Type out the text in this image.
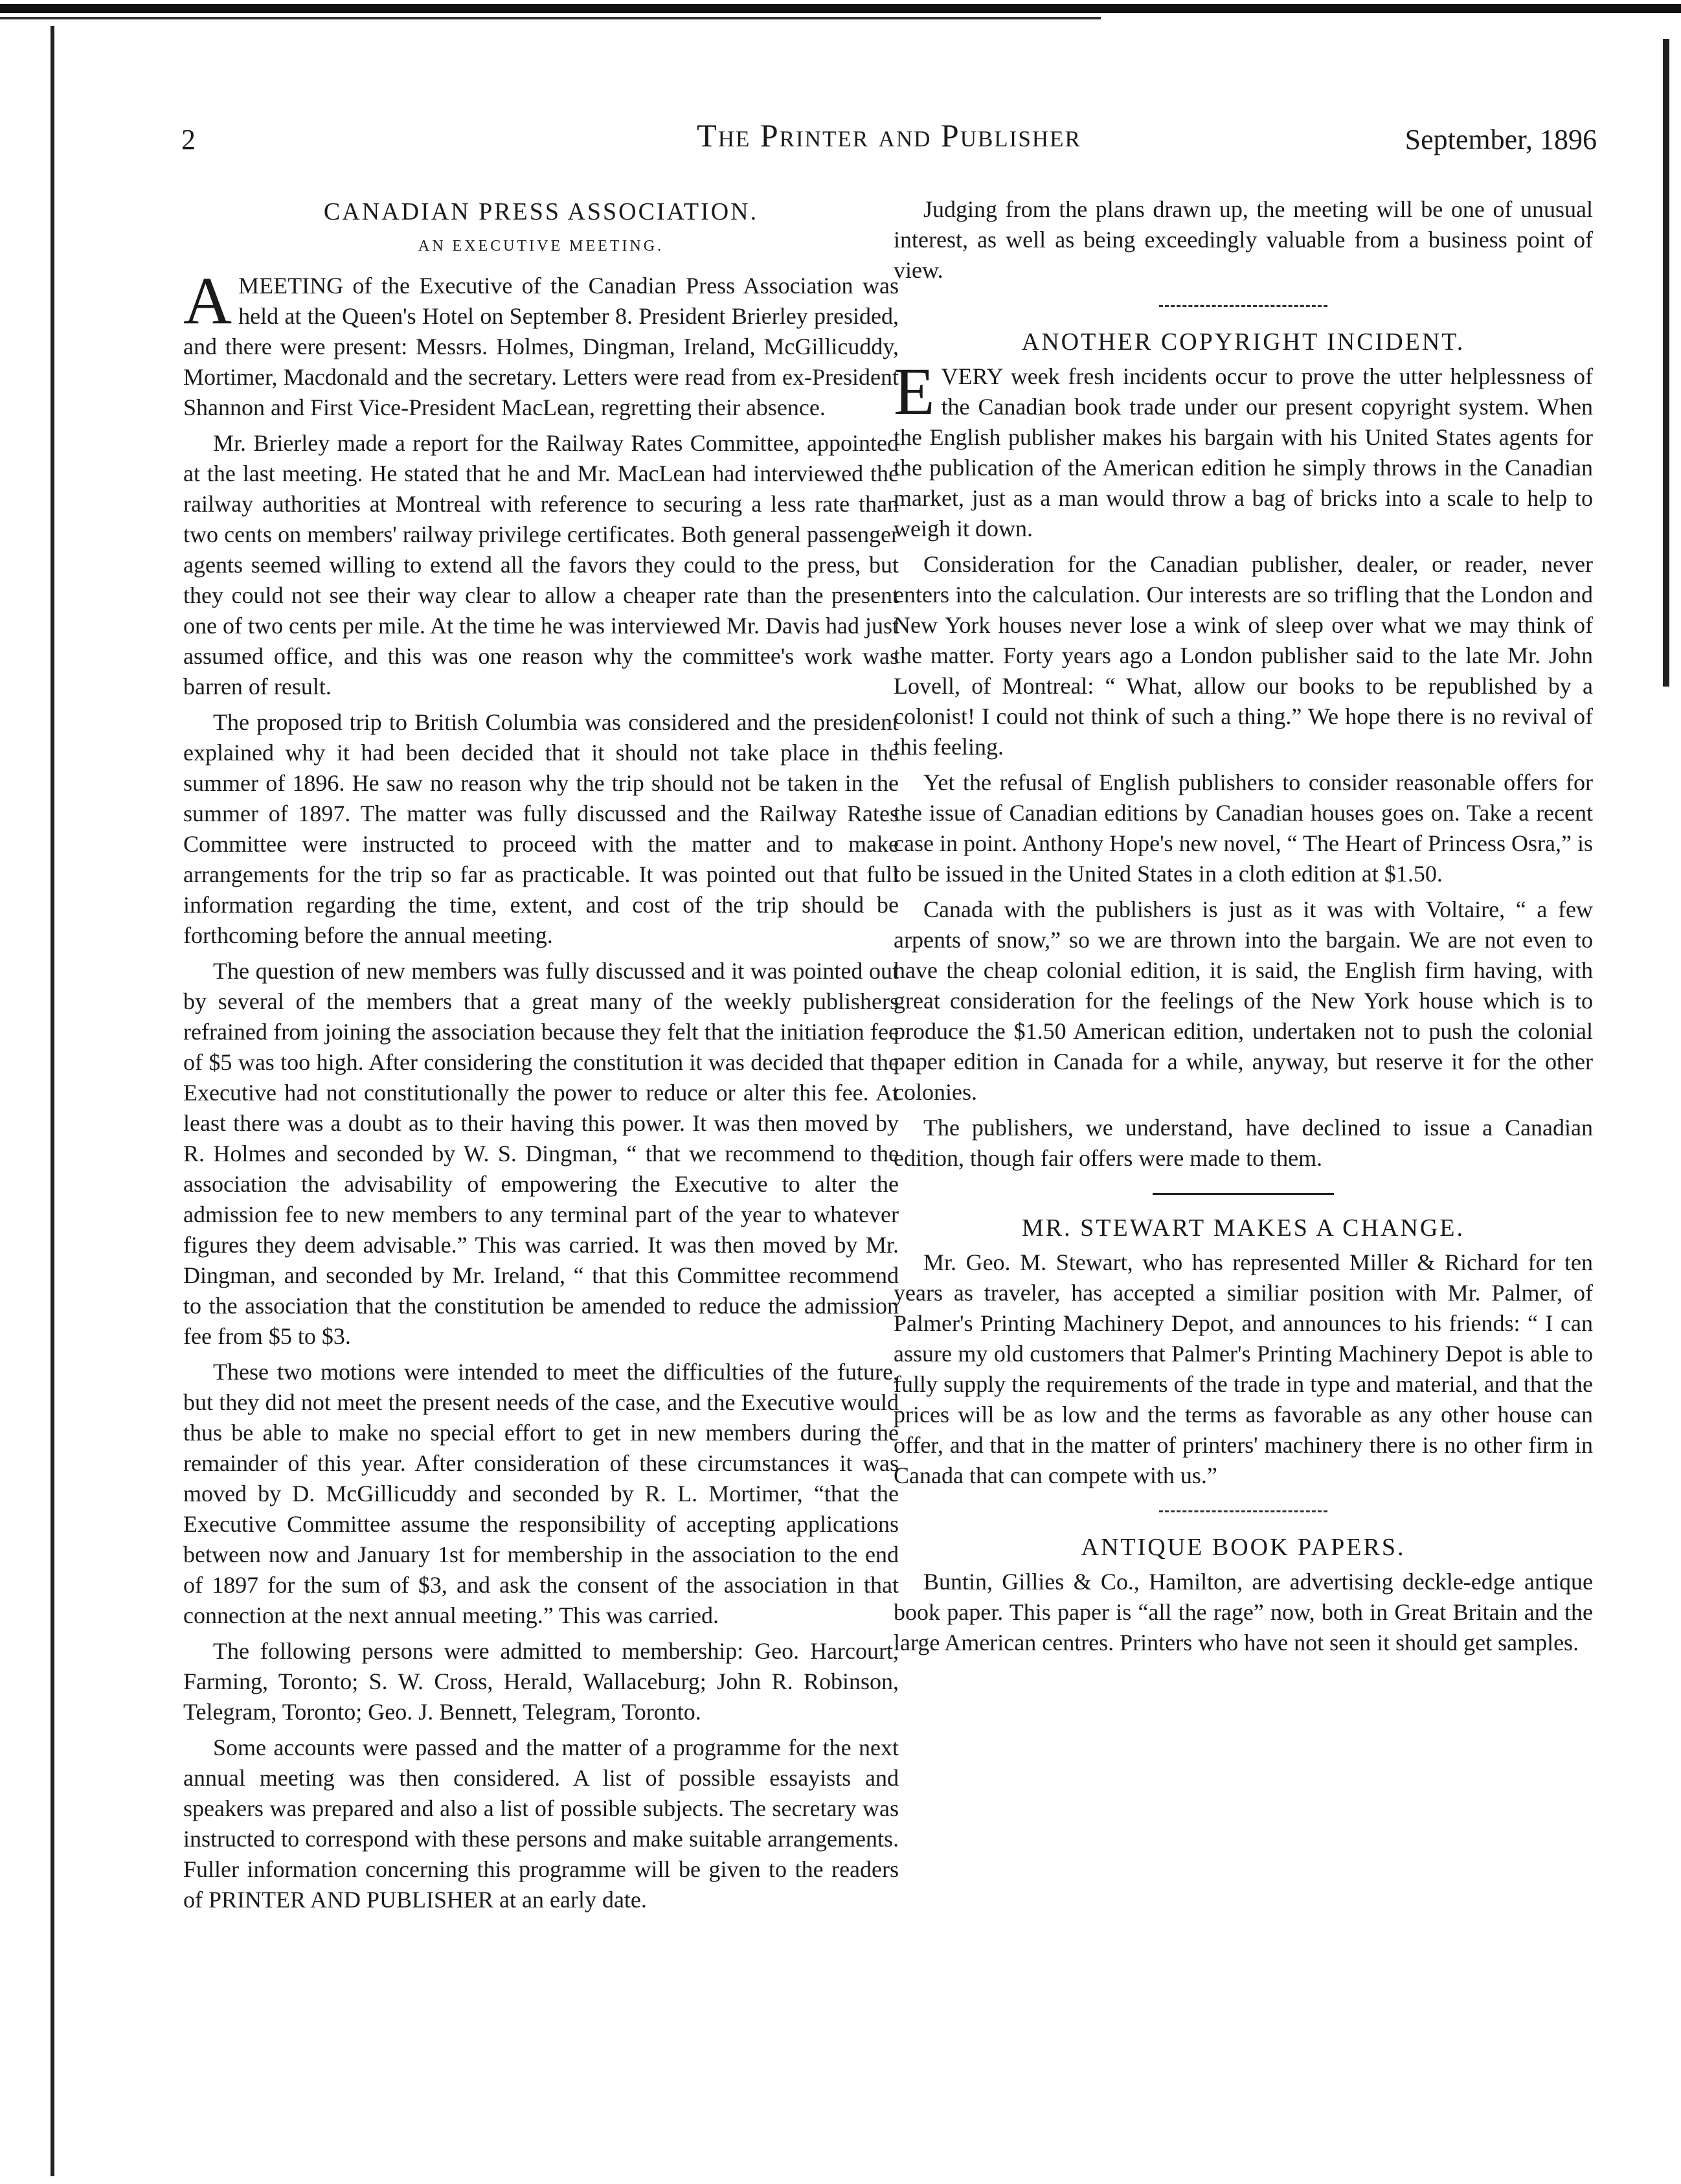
2	The Printer and Publisher	September, 1896
CANADIAN PRESS ASSOCIATION.
AN EXECUTIVE MEETING.

AMEETING of the Executive of the Canadian Press Association was held at the Queen's Hotel on September 8. President Brierley presided, and there were present: Messrs. Holmes, Dingman, Ireland, McGillicuddy, Mortimer, Macdonald and the secretary. Letters were read from ex-President Shannon and First Vice-President MacLean, regretting their absence.

Mr. Brierley made a report for the Railway Rates Committee, appointed at the last meeting. He stated that he and Mr. MacLean had interviewed the railway authorities at Montreal with reference to securing a less rate than two cents on members' railway privilege certificates. Both general passenger agents seemed willing to extend all the favors they could to the press, but they could not see their way clear to allow a cheaper rate than the present one of two cents per mile. At the time he was interviewed Mr. Davis had just assumed office, and this was one reason why the committee's work was barren of result.

The proposed trip to British Columbia was considered and the president explained why it had been decided that it should not take place in the summer of 1896. He saw no reason why the trip should not be taken in the summer of 1897. The matter was fully discussed and the Railway Rates Committee were instructed to proceed with the matter and to make arrangements for the trip so far as practicable. It was pointed out that full information regarding the time, extent, and cost of the trip should be forthcoming before the annual meeting.

The question of new members was fully discussed and it was pointed out by several of the members that a great many of the weekly publishers refrained from joining the association because they felt that the initiation fee of $5 was too high. After considering the constitution it was decided that the Executive had not constitutionally the power to reduce or alter this fee. At least there was a doubt as to their having this power. It was then moved by R. Holmes and seconded by W. S. Dingman, “ that we recommend to the association the advisability of empowering the Executive to alter the admission fee to new members to any terminal part of the year to whatever figures they deem advisable.” This was carried. It was then moved by Mr. Dingman, and seconded by Mr. Ireland, “ that this Committee recommend to the association that the constitution be amended to reduce the admission fee from $5 to $3.

These two motions were intended to meet the difficulties of the future, but they did not meet the present needs of the case, and the Executive would thus be able to make no special effort to get in new members during the remainder of this year. After consideration of these circumstances it was moved by D. McGillicuddy and seconded by R. L. Mortimer, “that the Executive Committee assume the responsibility of accepting applications between now and January 1st for membership in the association to the end of 1897 for the sum of $3, and ask the consent of the association in that connection at the next annual meeting.” This was carried.

The following persons were admitted to membership: Geo. Harcourt, Farming, Toronto; S. W. Cross, Herald, Wallaceburg; John R. Robinson, Telegram, Toronto; Geo. J. Bennett, Telegram, Toronto.

Some accounts were passed and the matter of a programme for the next annual meeting was then considered. A list of possible essayists and speakers was prepared and also a list of possible subjects. The secretary was instructed to correspond with these persons and make suitable arrangements. Fuller information concerning this programme will be given to the readers of PRINTER AND PUBLISHER at an early date.

Judging from the plans drawn up, the meeting will be one of unusual interest, as well as being exceedingly valuable from a business point of view.

ANOTHER COPYRIGHT INCIDENT.

EVERY week fresh incidents occur to prove the utter helplessness of the Canadian book trade under our present copyright system. When the English publisher makes his bargain with his United States agents for the publication of the American edition he simply throws in the Canadian market, just as a man would throw a bag of bricks into a scale to help to weigh it down.

Consideration for the Canadian publisher, dealer, or reader, never enters into the calculation. Our interests are so trifling that the London and New York houses never lose a wink of sleep over what we may think of the matter. Forty years ago a London publisher said to the late Mr. John Lovell, of Montreal: “ What, allow our books to be republished by a colonist! I could not think of such a thing.” We hope there is no revival of this feeling.

Yet the refusal of English publishers to consider reasonable offers for the issue of Canadian editions by Canadian houses goes on. Take a recent case in point. Anthony Hope's new novel, “ The Heart of Princess Osra,” is to be issued in the United States in a cloth edition at $1.50.

Canada with the publishers is just as it was with Voltaire, “ a few arpents of snow,” so we are thrown into the bargain. We are not even to have the cheap colonial edition, it is said, the English firm having, with great consideration for the feelings of the New York house which is to produce the $1.50 American edition, undertaken not to push the colonial paper edition in Canada for a while, anyway, but reserve it for the other colonies.

The publishers, we understand, have declined to issue a Canadian edition, though fair offers were made to them.

MR. STEWART MAKES A CHANGE.

Mr. Geo. M. Stewart, who has represented Miller & Richard for ten years as traveler, has accepted a similiar position with Mr. Palmer, of Palmer's Printing Machinery Depot, and announces to his friends: “ I can assure my old customers that Palmer's Printing Machinery Depot is able to fully supply the requirements of the trade in type and material, and that the prices will be as low and the terms as favorable as any other house can offer, and that in the matter of printers' machinery there is no other firm in Canada that can compete with us.”

ANTIQUE BOOK PAPERS.

Buntin, Gillies & Co., Hamilton, are advertising deckle-edge antique book paper. This paper is “all the rage” now, both in Great Britain and the large American centres. Printers who have not seen it should get samples.
